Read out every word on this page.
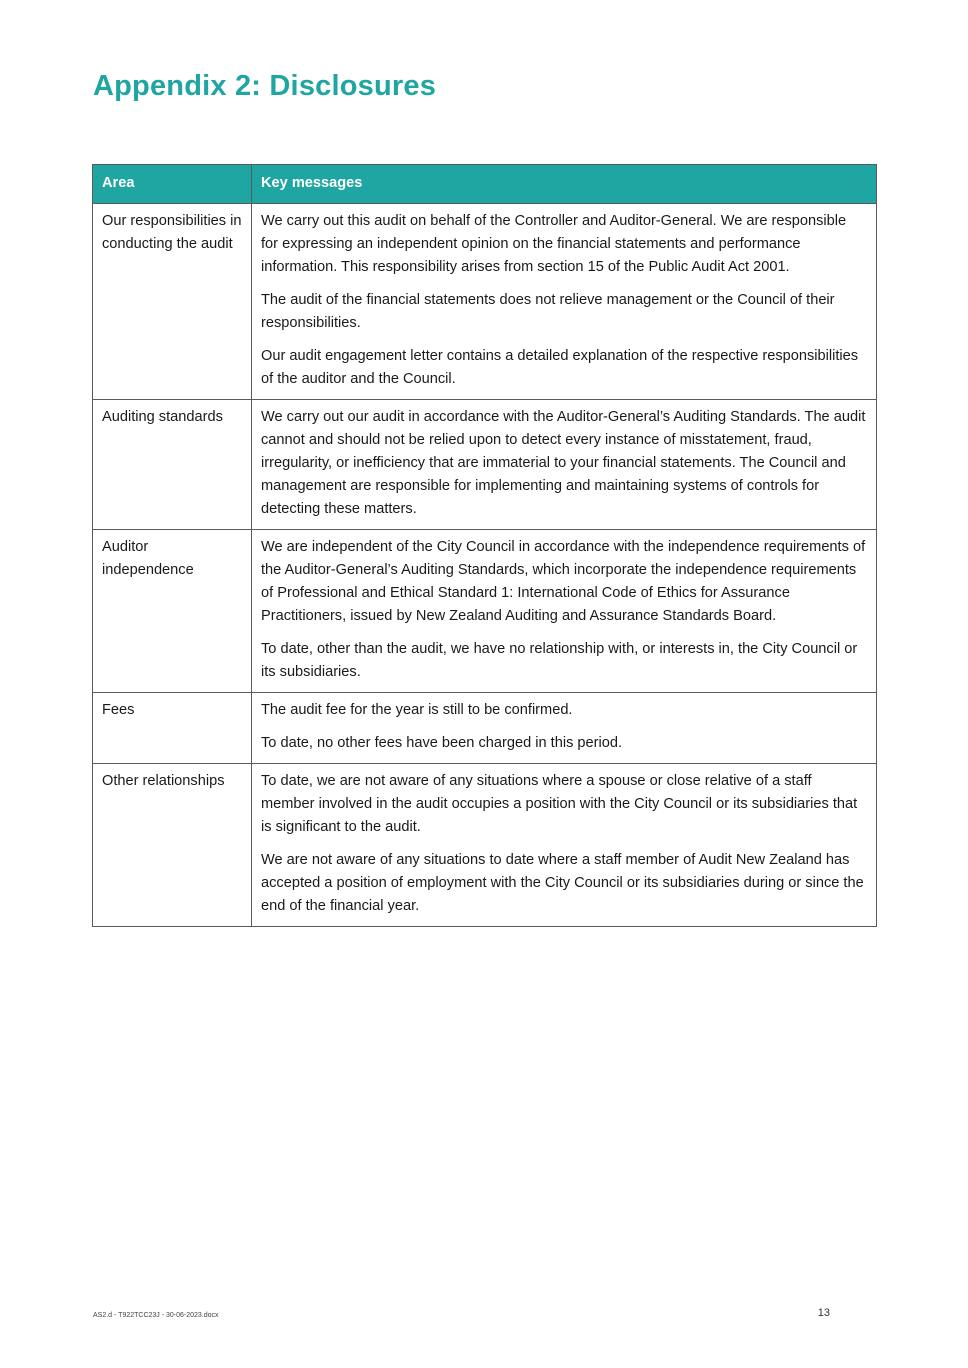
Appendix 2: Disclosures
Area	Key messages
Our responsibilities in conducting the audit	We carry out this audit on behalf of the Controller and Auditor-General. We are responsible for expressing an independent opinion on the financial statements and performance information. This responsibility arises from section 15 of the Public Audit Act 2001.

The audit of the financial statements does not relieve management or the Council of their responsibilities.

Our audit engagement letter contains a detailed explanation of the respective responsibilities of the auditor and the Council.

Auditing standards	We carry out our audit in accordance with the Auditor-General’s Auditing Standards. The audit cannot and should not be relied upon to detect every instance of misstatement, fraud, irregularity, or inefficiency that are immaterial to your financial statements. The Council and management are responsible for implementing and maintaining systems of controls for detecting these matters.

Auditor independence	We are independent of the City Council in accordance with the independence requirements of the Auditor-General’s Auditing Standards, which incorporate the independence requirements of Professional and Ethical Standard 1: International Code of Ethics for Assurance Practitioners, issued by New Zealand Auditing and Assurance Standards Board.

To date, other than the audit, we have no relationship with, or interests in, the City Council or its subsidiaries.

Fees	The audit fee for the year is still to be confirmed.

To date, no other fees have been charged in this period.

Other relationships	To date, we are not aware of any situations where a spouse or close relative of a staff member involved in the audit occupies a position with the City Council or its subsidiaries that is significant to the audit.

We are not aware of any situations to date where a staff member of Audit New Zealand has accepted a position of employment with the City Council or its subsidiaries during or since the end of the financial year.

AS2.d - T922TCC23J - 30-06-2023.docx	13
